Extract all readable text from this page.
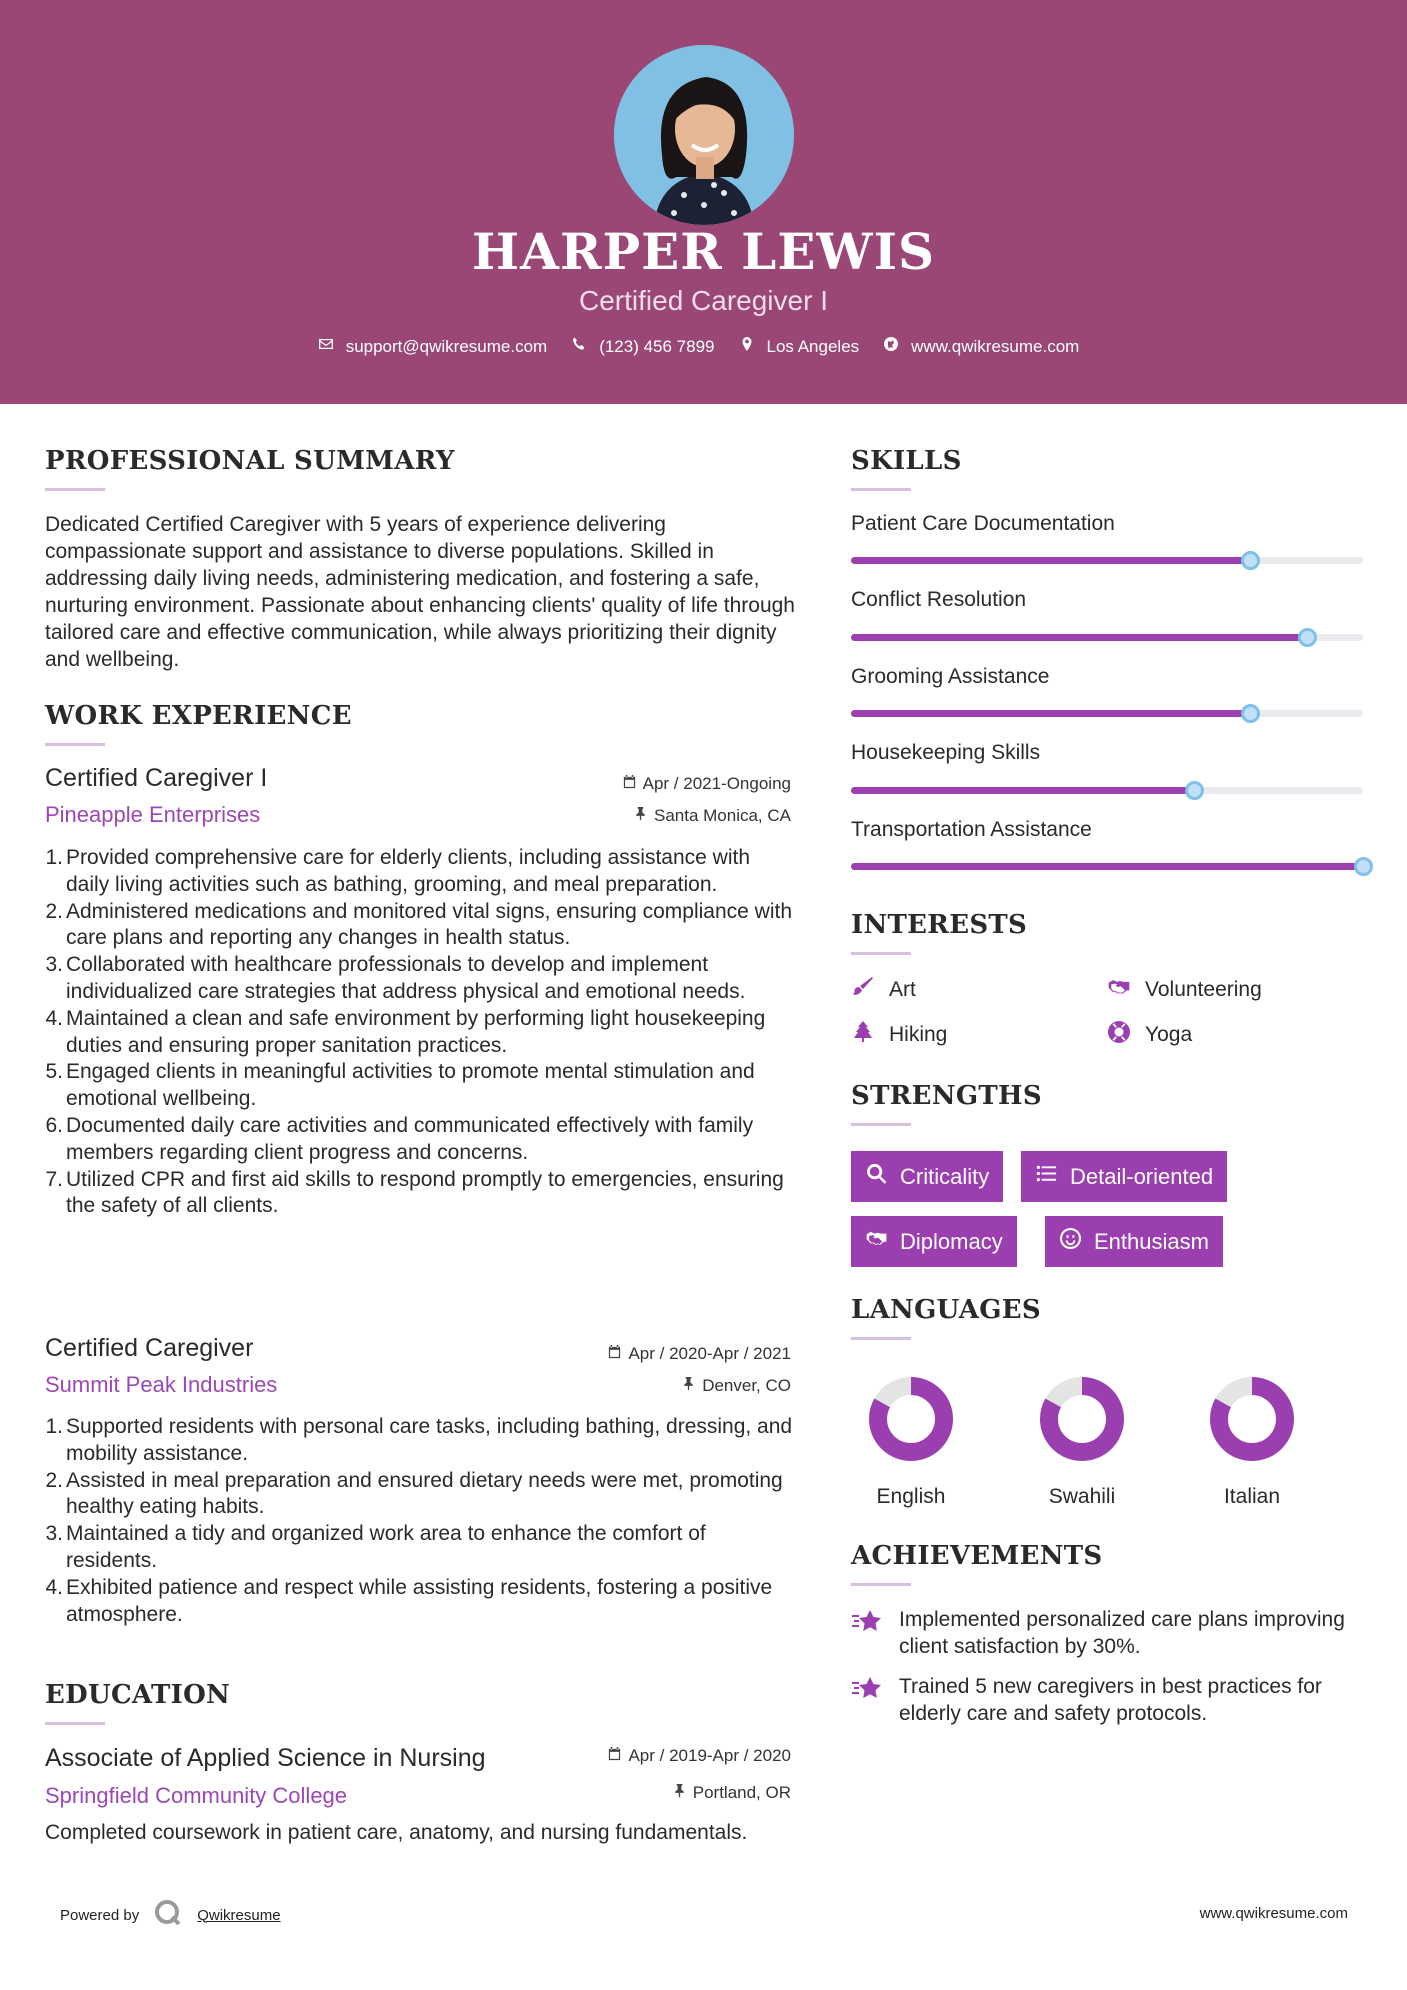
HARPER LEWIS
Certified Caregiver I
support@qwikresume.com	(123) 456 7899	Los Angeles	www.qwikresume.com
PROFESSIONAL SUMMARY
Dedicated Certified Caregiver with 5 years of experience delivering compassionate support and assistance to diverse populations. Skilled in addressing daily living needs, administering medication, and fostering a safe, nurturing environment. Passionate about enhancing clients' quality of life through tailored care and effective communication, while always prioritizing their dignity and wellbeing.
WORK EXPERIENCE
Certified Caregiver I
Pineapple Enterprises
Apr / 2021-Ongoing
Santa Monica, CA
1. Provided comprehensive care for elderly clients, including assistance with daily living activities such as bathing, grooming, and meal preparation.
2. Administered medications and monitored vital signs, ensuring compliance with care plans and reporting any changes in health status.
3. Collaborated with healthcare professionals to develop and implement individualized care strategies that address physical and emotional needs.
4. Maintained a clean and safe environment by performing light housekeeping duties and ensuring proper sanitation practices.
5. Engaged clients in meaningful activities to promote mental stimulation and emotional wellbeing.
6. Documented daily care activities and communicated effectively with family members regarding client progress and concerns.
7. Utilized CPR and first aid skills to respond promptly to emergencies, ensuring the safety of all clients.
Certified Caregiver
Summit Peak Industries
Apr / 2020-Apr / 2021
Denver, CO
1. Supported residents with personal care tasks, including bathing, dressing, and mobility assistance.
2. Assisted in meal preparation and ensured dietary needs were met, promoting healthy eating habits.
3. Maintained a tidy and organized work area to enhance the comfort of residents.
4. Exhibited patience and respect while assisting residents, fostering a positive atmosphere.
EDUCATION
Associate of Applied Science in Nursing
Springfield Community College
Apr / 2019-Apr / 2020
Portland, OR
Completed coursework in patient care, anatomy, and nursing fundamentals.
SKILLS
Patient Care Documentation
Conflict Resolution
Grooming Assistance
Housekeeping Skills
Transportation Assistance
INTERESTS
Art	Volunteering
Hiking	Yoga
STRENGTHS
Criticality	Detail-oriented
Diplomacy	Enthusiasm
LANGUAGES
English	Swahili	Italian
ACHIEVEMENTS
Implemented personalized care plans improving client satisfaction by 30%.
Trained 5 new caregivers in best practices for elderly care and safety protocols.
Powered by	Qwikresume	www.qwikresume.com
